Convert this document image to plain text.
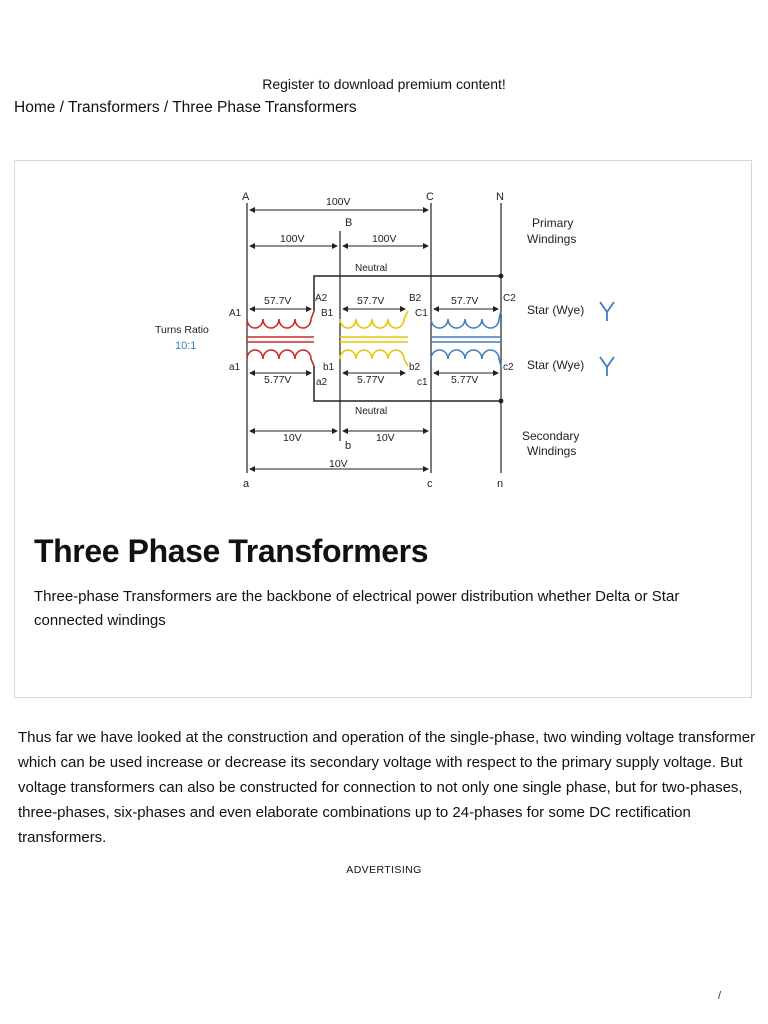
Register to download premium content!
Home / Transformers / Three Phase Transformers
A
B
C	N
a
b
c	n
100V
100V	100V
Neutral
57.7V	57.7V	57.7V
A1
A2
B1
B2
C1
C2
Turns Ratio
10:1
a1	b1
a2
b2
c1
c2
5.77V	5.77V	5.77V
Neutral
10V	10V
10V
Primary
Windings
Star (Wye)
Star (Wye)
Secondary
Windings
Three Phase Transformers

Three-phase Transformers are the backbone of electrical power distribution whether Delta or Star connected windings

Thus far we have looked at the construction and operation of the single-phase, two winding voltage transformer which can be used increase or decrease its secondary voltage with respect to the primary supply voltage. But voltage transformers can also be constructed for connection to not only one single phase, but for two-phases, three-phases, six-phases and even elaborate combinations up to 24-phases for some DC rectification transformers.

ADVERTISING
/
